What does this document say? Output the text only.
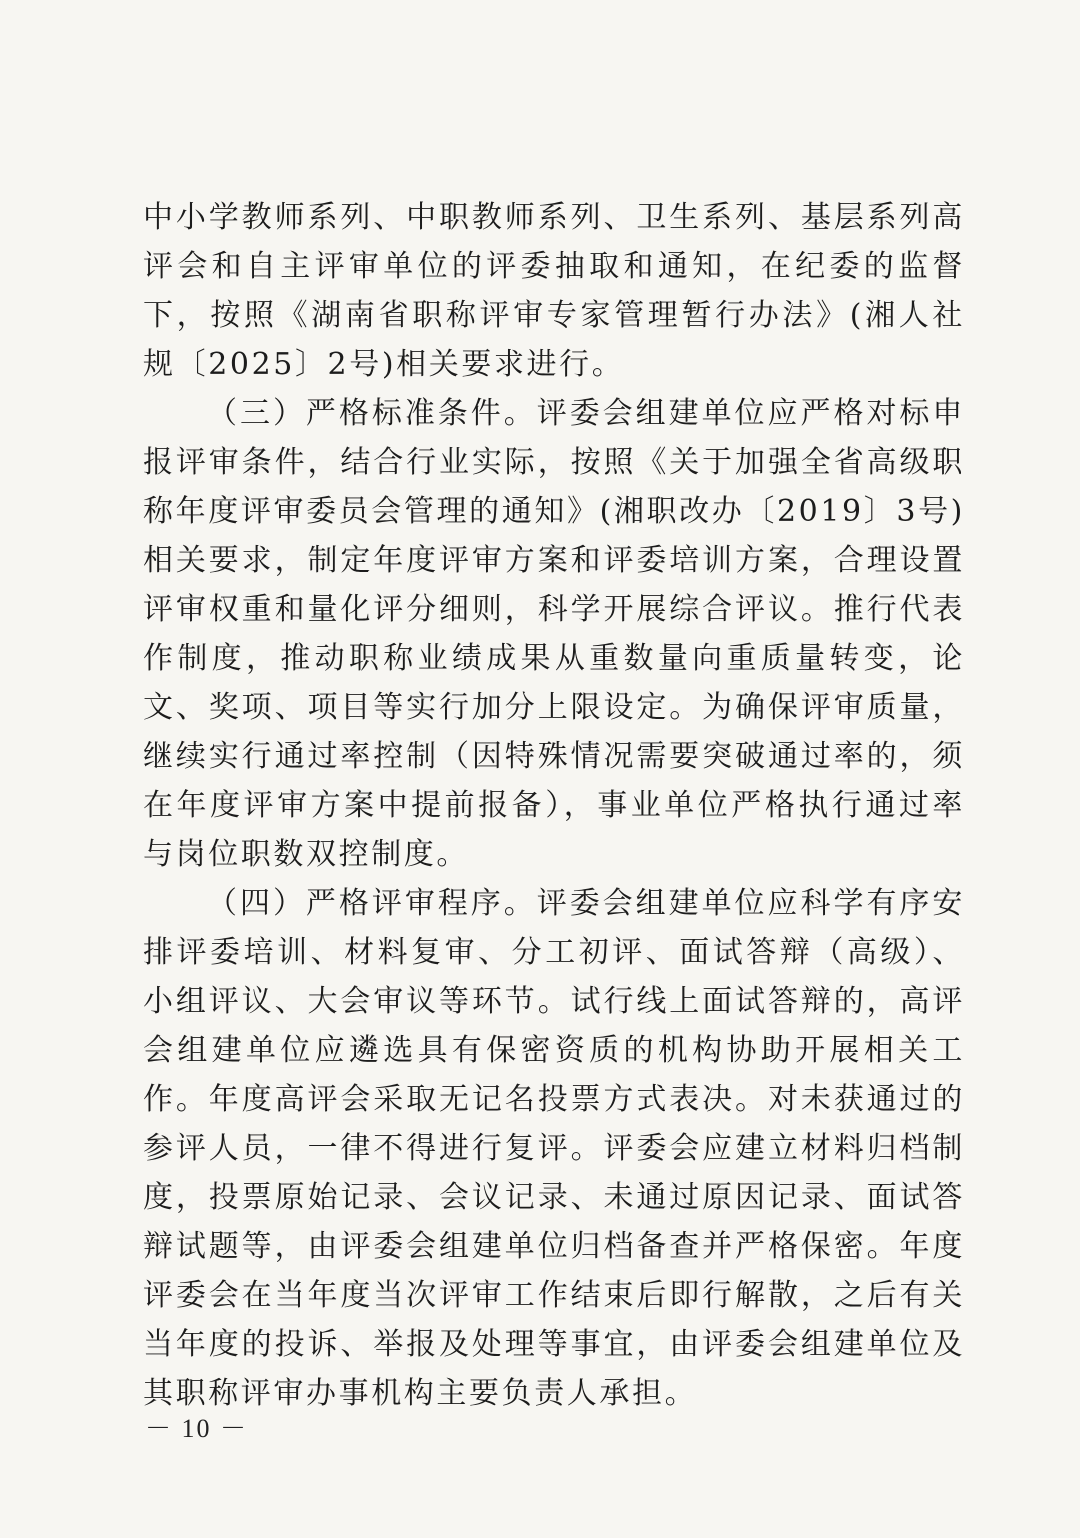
中小学教师系列、中职教师系列、卫生系列、基层系列高评会和自主评审单位的评委抽取和通知，在纪委的监督下，按照《湖南省职称评审专家管理暂行办法》(湘人社规〔2025〕2号)相关要求进行。

（三）严格标准条件。评委会组建单位应严格对标申报评审条件，结合行业实际，按照《关于加强全省高级职称年度评审委员会管理的通知》(湘职改办〔2019〕3号)相关要求，制定年度评审方案和评委培训方案，合理设置评审权重和量化评分细则，科学开展综合评议。推行代表作制度，推动职称业绩成果从重数量向重质量转变，论文、奖项、项目等实行加分上限设定。为确保评审质量，继续实行通过率控制（因特殊情况需要突破通过率的，须在年度评审方案中提前报备），事业单位严格执行通过率与岗位职数双控制度。

（四）严格评审程序。评委会组建单位应科学有序安排评委培训、材料复审、分工初评、面试答辩（高级）、小组评议、大会审议等环节。试行线上面试答辩的，高评会组建单位应遴选具有保密资质的机构协助开展相关工作。年度高评会采取无记名投票方式表决。对未获通过的参评人员，一律不得进行复评。评委会应建立材料归档制度，投票原始记录、会议记录、未通过原因记录、面试答辩试题等，由评委会组建单位归档备查并严格保密。年度评委会在当年度当次评审工作结束后即行解散，之后有关当年度的投诉、举报及处理等事宜，由评委会组建单位及其职称评审办事机构主要负责人承担。

－ 10 －
